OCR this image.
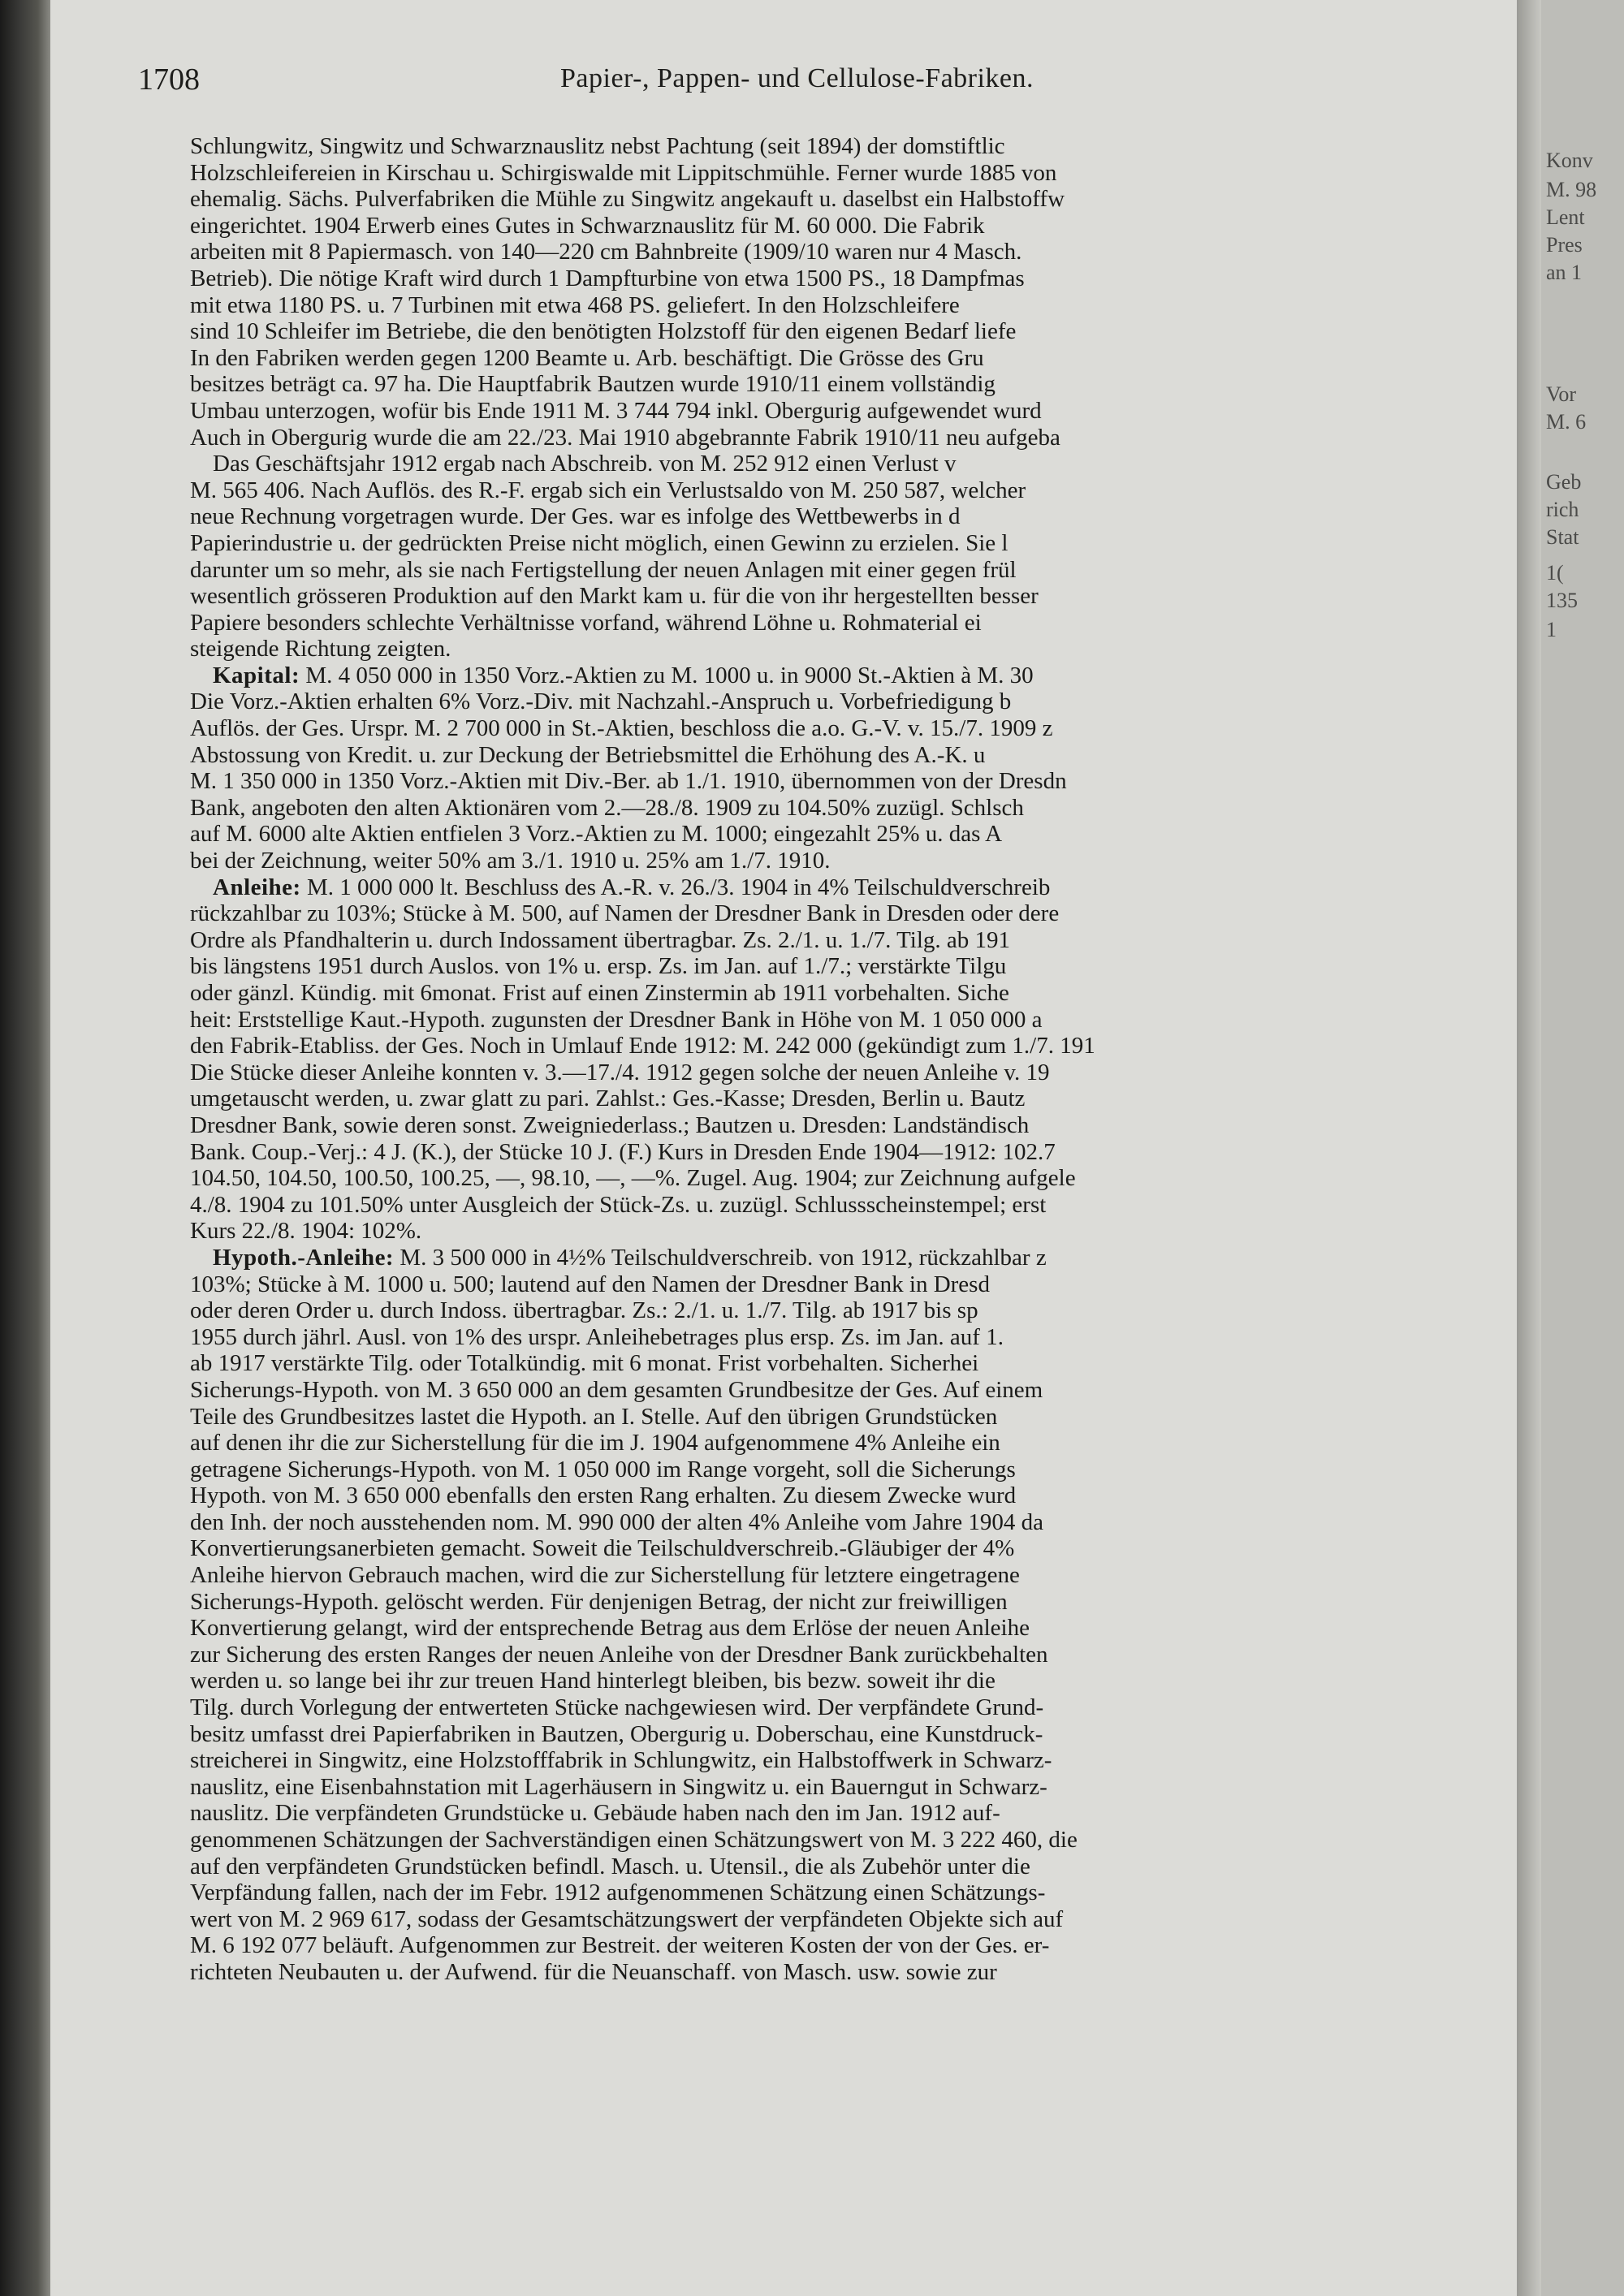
Konv
M. 98
Lent
Pres
an 1
Vor
M. 6
Geb
rich
Stat
1(
135
1
1708	Papier-, Pappen- und Cellulose-Fabriken.
Schlungwitz, Singwitz und Schwarznauslitz nebst Pachtung (seit 1894) der domstiftlic
Holzschleifereien in Kirschau u. Schirgiswalde mit Lippitschmühle. Ferner wurde 1885 von
ehemalig. Sächs. Pulverfabriken die Mühle zu Singwitz angekauft u. daselbst ein Halbstoffw
eingerichtet. 1904 Erwerb eines Gutes in Schwarznauslitz für M. 60 000. Die Fabrik
arbeiten mit 8 Papiermasch. von 140—220 cm Bahnbreite (1909/10 waren nur 4 Masch.
Betrieb). Die nötige Kraft wird durch 1 Dampfturbine von etwa 1500 PS., 18 Dampfmas
mit etwa 1180 PS. u. 7 Turbinen mit etwa 468 PS. geliefert. In den Holzschleifere
sind 10 Schleifer im Betriebe, die den benötigten Holzstoff für den eigenen Bedarf liefe
In den Fabriken werden gegen 1200 Beamte u. Arb. beschäftigt. Die Grösse des Gru
besitzes beträgt ca. 97 ha. Die Hauptfabrik Bautzen wurde 1910/11 einem vollständig
Umbau unterzogen, wofür bis Ende 1911 M. 3 744 794 inkl. Obergurig aufgewendet wurd
Auch in Obergurig wurde die am 22./23. Mai 1910 abgebrannte Fabrik 1910/11 neu aufgeba
Das Geschäftsjahr 1912 ergab nach Abschreib. von M. 252 912 einen Verlust v
M. 565 406. Nach Auflös. des R.-F. ergab sich ein Verlustsaldo von M. 250 587, welcher
neue Rechnung vorgetragen wurde. Der Ges. war es infolge des Wettbewerbs in d
Papierindustrie u. der gedrückten Preise nicht möglich, einen Gewinn zu erzielen. Sie l
darunter um so mehr, als sie nach Fertigstellung der neuen Anlagen mit einer gegen frül
wesentlich grösseren Produktion auf den Markt kam u. für die von ihr hergestellten besser
Papiere besonders schlechte Verhältnisse vorfand, während Löhne u. Rohmaterial ei
steigende Richtung zeigten.
Kapital: M. 4 050 000 in 1350 Vorz.-Aktien zu M. 1000 u. in 9000 St.-Aktien à M. 30
Die Vorz.-Aktien erhalten 6% Vorz.-Div. mit Nachzahl.-Anspruch u. Vorbefriedigung b
Auflös. der Ges. Urspr. M. 2 700 000 in St.-Aktien, beschloss die a.o. G.-V. v. 15./7. 1909 z
Abstossung von Kredit. u. zur Deckung der Betriebsmittel die Erhöhung des A.-K. u
M. 1 350 000 in 1350 Vorz.-Aktien mit Div.-Ber. ab 1./1. 1910, übernommen von der Dresdn
Bank, angeboten den alten Aktionären vom 2.—28./8. 1909 zu 104.50% zuzügl. Schlsch
auf M. 6000 alte Aktien entfielen 3 Vorz.-Aktien zu M. 1000; eingezahlt 25% u. das A
bei der Zeichnung, weiter 50% am 3./1. 1910 u. 25% am 1./7. 1910.
Anleihe: M. 1 000 000 lt. Beschluss des A.-R. v. 26./3. 1904 in 4% Teilschuldverschreib
rückzahlbar zu 103%; Stücke à M. 500, auf Namen der Dresdner Bank in Dresden oder dere
Ordre als Pfandhalterin u. durch Indossament übertragbar. Zs. 2./1. u. 1./7. Tilg. ab 191
bis längstens 1951 durch Auslos. von 1% u. ersp. Zs. im Jan. auf 1./7.; verstärkte Tilgu
oder gänzl. Kündig. mit 6monat. Frist auf einen Zinstermin ab 1911 vorbehalten. Siche
heit: Erststellige Kaut.-Hypoth. zugunsten der Dresdner Bank in Höhe von M. 1 050 000 a
den Fabrik-Etabliss. der Ges. Noch in Umlauf Ende 1912: M. 242 000 (gekündigt zum 1./7. 191
Die Stücke dieser Anleihe konnten v. 3.—17./4. 1912 gegen solche der neuen Anleihe v. 19
umgetauscht werden, u. zwar glatt zu pari. Zahlst.: Ges.-Kasse; Dresden, Berlin u. Bautz
Dresdner Bank, sowie deren sonst. Zweigniederlass.; Bautzen u. Dresden: Landständisch
Bank. Coup.-Verj.: 4 J. (K.), der Stücke 10 J. (F.) Kurs in Dresden Ende 1904—1912: 102.7
104.50, 104.50, 100.50, 100.25, —, 98.10, —, —%. Zugel. Aug. 1904; zur Zeichnung aufgele
4./8. 1904 zu 101.50% unter Ausgleich der Stück-Zs. u. zuzügl. Schlussscheinstempel; erst
Kurs 22./8. 1904: 102%.
Hypoth.-Anleihe: M. 3 500 000 in 4½% Teilschuldverschreib. von 1912, rückzahlbar z
103%; Stücke à M. 1000 u. 500; lautend auf den Namen der Dresdner Bank in Dresd
oder deren Order u. durch Indoss. übertragbar. Zs.: 2./1. u. 1./7. Tilg. ab 1917 bis sp
1955 durch jährl. Ausl. von 1% des urspr. Anleihebetrages plus ersp. Zs. im Jan. auf 1.
ab 1917 verstärkte Tilg. oder Totalkündig. mit 6 monat. Frist vorbehalten. Sicherhei
Sicherungs-Hypoth. von M. 3 650 000 an dem gesamten Grundbesitze der Ges. Auf einem
Teile des Grundbesitzes lastet die Hypoth. an I. Stelle. Auf den übrigen Grundstücken
auf denen ihr die zur Sicherstellung für die im J. 1904 aufgenommene 4% Anleihe ein
getragene Sicherungs-Hypoth. von M. 1 050 000 im Range vorgeht, soll die Sicherungs
Hypoth. von M. 3 650 000 ebenfalls den ersten Rang erhalten. Zu diesem Zwecke wurd
den Inh. der noch ausstehenden nom. M. 990 000 der alten 4% Anleihe vom Jahre 1904 da
Konvertierungsanerbieten gemacht. Soweit die Teilschuldverschreib.-Gläubiger der 4%
Anleihe hiervon Gebrauch machen, wird die zur Sicherstellung für letztere eingetragene
Sicherungs-Hypoth. gelöscht werden. Für denjenigen Betrag, der nicht zur freiwilligen
Konvertierung gelangt, wird der entsprechende Betrag aus dem Erlöse der neuen Anleihe
zur Sicherung des ersten Ranges der neuen Anleihe von der Dresdner Bank zurückbehalten
werden u. so lange bei ihr zur treuen Hand hinterlegt bleiben, bis bezw. soweit ihr die
Tilg. durch Vorlegung der entwerteten Stücke nachgewiesen wird. Der verpfändete Grund-
besitz umfasst drei Papierfabriken in Bautzen, Obergurig u. Doberschau, eine Kunstdruck-
streicherei in Singwitz, eine Holzstofffabrik in Schlungwitz, ein Halbstoffwerk in Schwarz-
nauslitz, eine Eisenbahnstation mit Lagerhäusern in Singwitz u. ein Bauerngut in Schwarz-
nauslitz. Die verpfändeten Grundstücke u. Gebäude haben nach den im Jan. 1912 auf-
genommenen Schätzungen der Sachverständigen einen Schätzungswert von M. 3 222 460, die
auf den verpfändeten Grundstücken befindl. Masch. u. Utensil., die als Zubehör unter die
Verpfändung fallen, nach der im Febr. 1912 aufgenommenen Schätzung einen Schätzungs-
wert von M. 2 969 617, sodass der Gesamtschätzungswert der verpfändeten Objekte sich auf
M. 6 192 077 beläuft. Aufgenommen zur Bestreit. der weiteren Kosten der von der Ges. er-
richteten Neubauten u. der Aufwend. für die Neuanschaff. von Masch. usw. sowie zur
